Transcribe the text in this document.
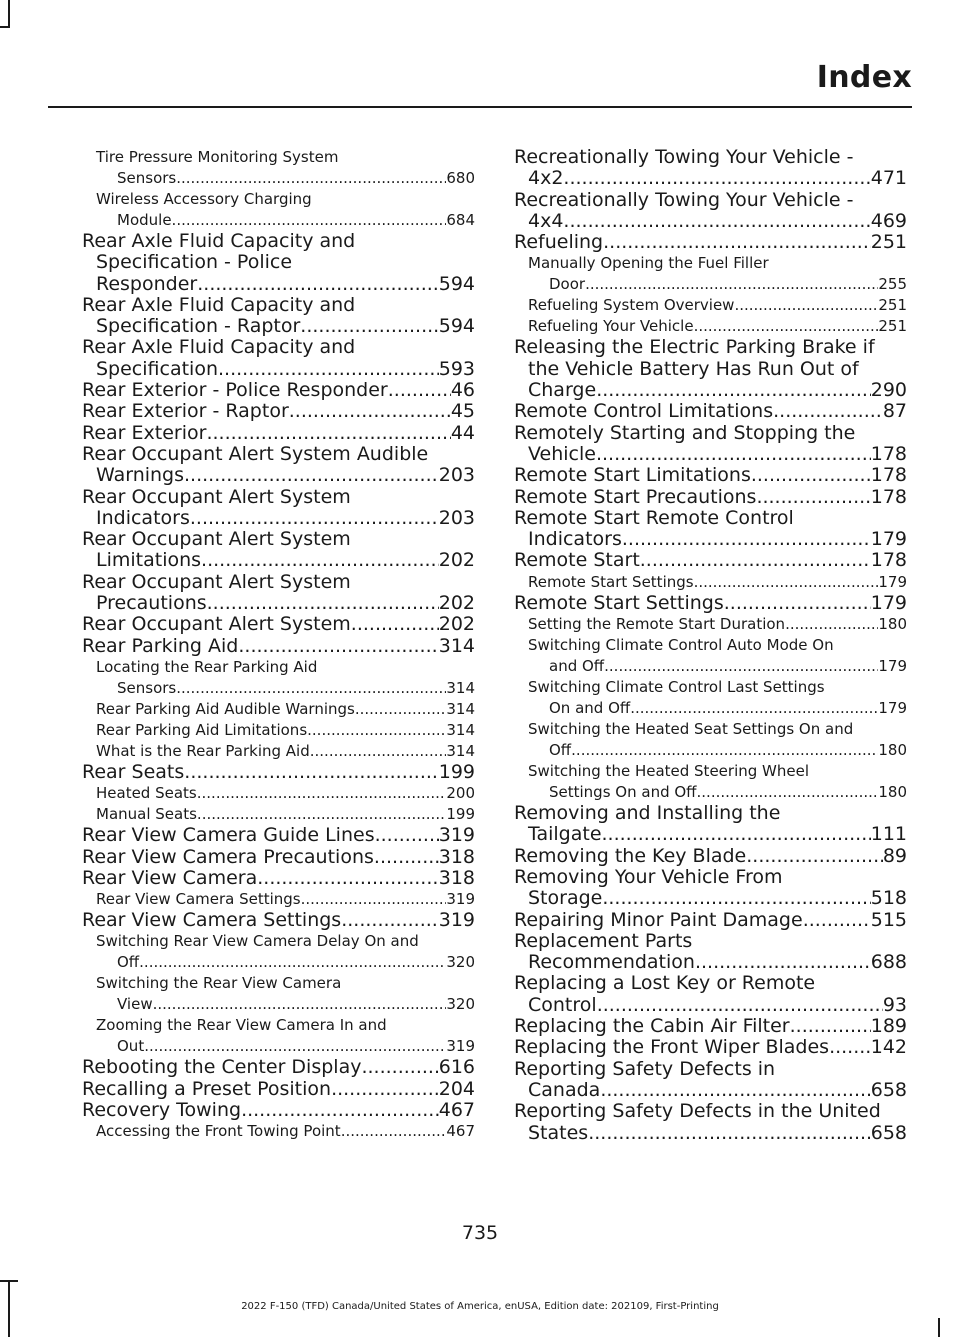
Index
Tire Pressure Monitoring System
Sensors .....	680
Wireless Accessory Charging
Module .....	684
Rear Axle Fluid Capacity and
Specification - Police
Responder .....	594
Rear Axle Fluid Capacity and
Specification - Raptor .....	594
Rear Axle Fluid Capacity and
Specification .....	593
Rear Exterior - Police Responder .....	46
Rear Exterior - Raptor .....	45
Rear Exterior .....	44
Rear Occupant Alert System Audible
Warnings .....	203
Rear Occupant Alert System
Indicators .....	203
Rear Occupant Alert System
Limitations .....	202
Rear Occupant Alert System
Precautions .....	202
Rear Occupant Alert System .....	202
Rear Parking Aid .....	314
Locating the Rear Parking Aid
Sensors .....	314
Rear Parking Aid Audible Warnings .....	314
Rear Parking Aid Limitations .....	314
What is the Rear Parking Aid .....	314
Rear Seats .....	199
Heated Seats .....	200
Manual Seats .....	199
Rear View Camera Guide Lines .....	319
Rear View Camera Precautions .....	318
Rear View Camera .....	318
Rear View Camera Settings .....	319
Rear View Camera Settings .....	319
Switching Rear View Camera Delay On and
Off .....	320
Switching the Rear View Camera
View .....	320
Zooming the Rear View Camera In and
Out .....	319
Rebooting the Center Display .....	616
Recalling a Preset Position .....	204
Recovery Towing .....	467
Accessing the Front Towing Point .....	467
Recreationally Towing Your Vehicle -
4x2 .....	471
Recreationally Towing Your Vehicle -
4x4 .....	469
Refueling .....	251
Manually Opening the Fuel Filler
Door .....	255
Refueling System Overview .....	251
Refueling Your Vehicle .....	251
Releasing the Electric Parking Brake if
the Vehicle Battery Has Run Out of
Charge .....	290
Remote Control Limitations .....	87
Remotely Starting and Stopping the
Vehicle .....	178
Remote Start Limitations .....	178
Remote Start Precautions .....	178
Remote Start Remote Control
Indicators .....	179
Remote Start .....	178
Remote Start Settings .....	179
Remote Start Settings .....	179
Setting the Remote Start Duration .....	180
Switching Climate Control Auto Mode On
and Off .....	179
Switching Climate Control Last Settings
On and Off .....	179
Switching the Heated Seat Settings On and
Off .....	180
Switching the Heated Steering Wheel
Settings On and Off .....	180
Removing and Installing the
Tailgate .....	111
Removing the Key Blade .....	89
Removing Your Vehicle From
Storage .....	518
Repairing Minor Paint Damage .....	515
Replacement Parts
Recommendation .....	688
Replacing a Lost Key or Remote
Control .....	93
Replacing the Cabin Air Filter .....	189
Replacing the Front Wiper Blades ..... 142
Reporting Safety Defects in
Canada .....	658
Reporting Safety Defects in the United
States .....	658
735
2022 F-150 (TFD) Canada/United States of America, enUSA, Edition date: 202109, First-Printing
